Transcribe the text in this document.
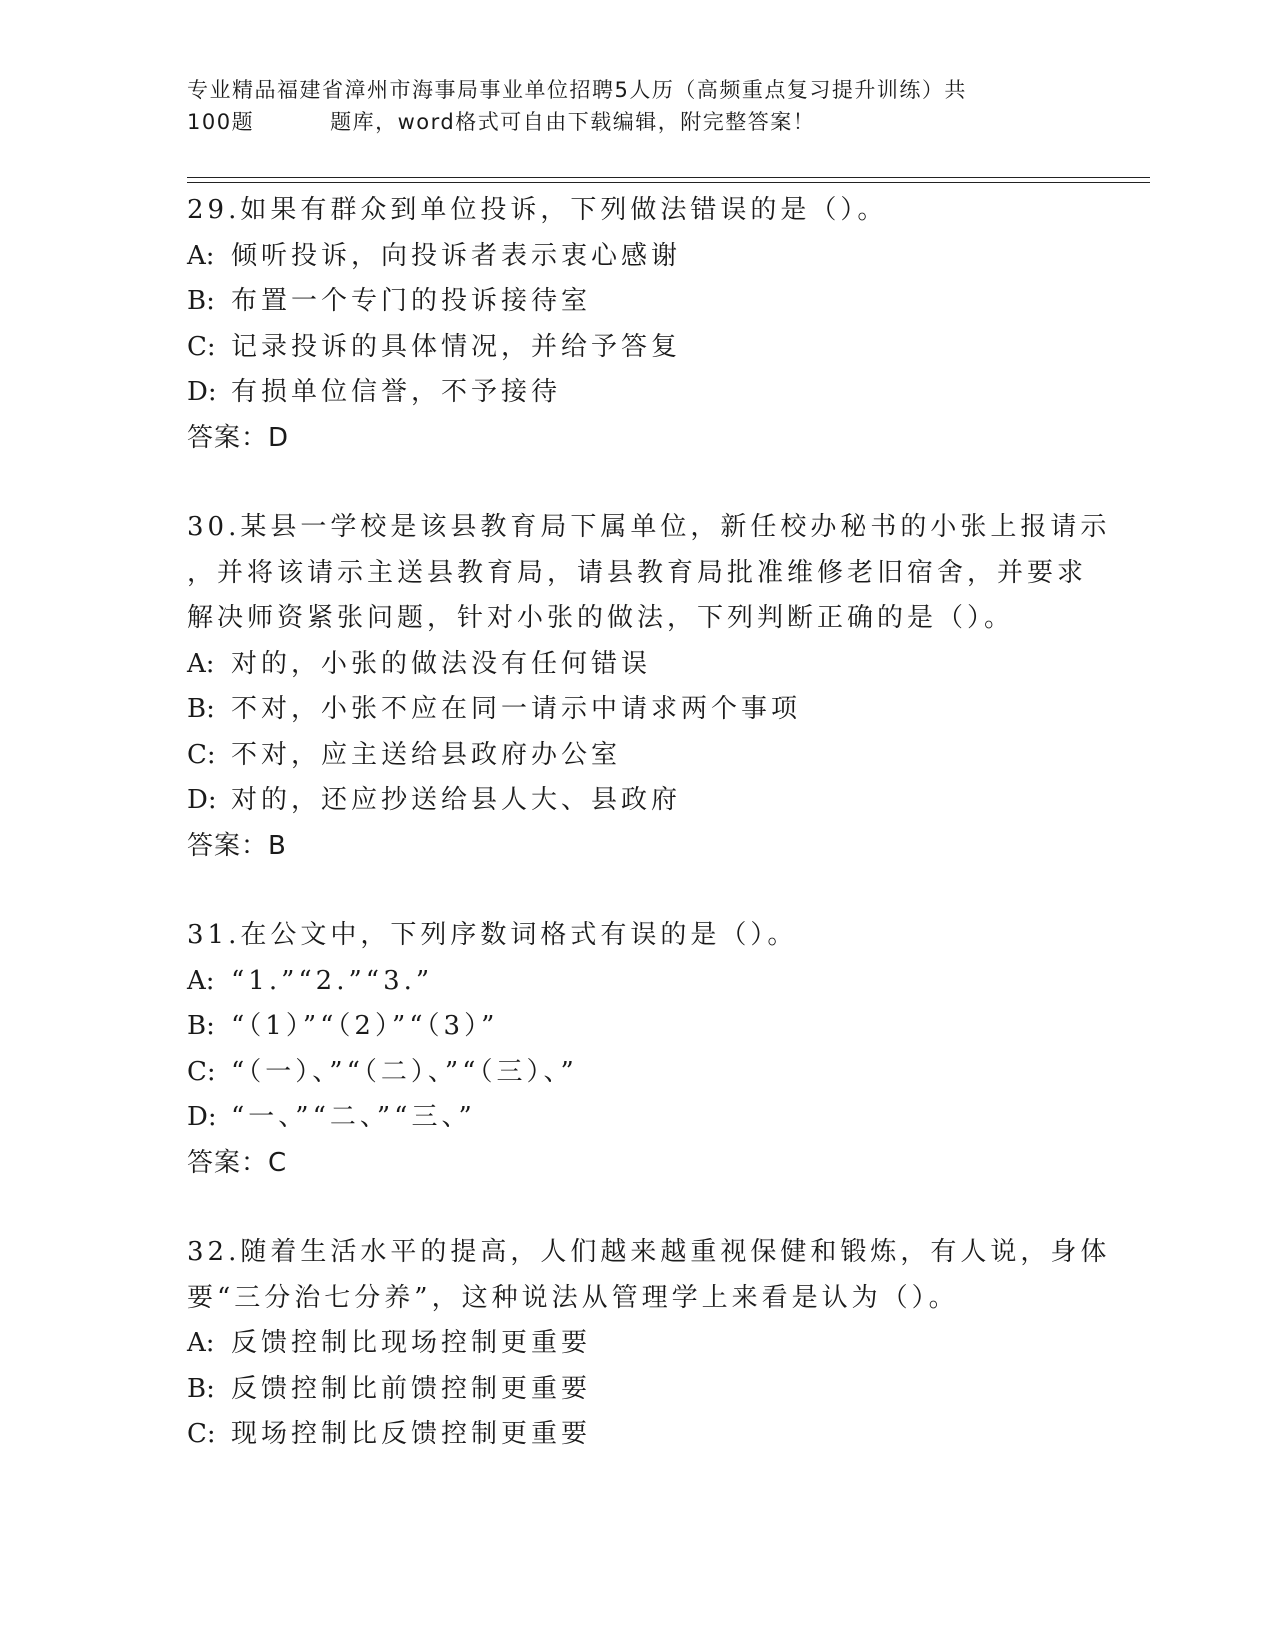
专业精品福建省漳州市海事局事业单位招聘5人历（高频重点复习提升训练）共
100题	题库，word格式可自由下载编辑，附完整答案！
29.如果有群众到单位投诉，下列做法错误的是（）。
A: 倾听投诉，向投诉者表示衷心感谢
B: 布置一个专门的投诉接待室
C: 记录投诉的具体情况，并给予答复
D: 有损单位信誉，不予接待
答案：D
30.某县一学校是该县教育局下属单位，新任校办秘书的小张上报请示
，并将该请示主送县教育局，请县教育局批准维修老旧宿舍，并要求
解决师资紧张问题，针对小张的做法，下列判断正确的是（）。
A: 对的，小张的做法没有任何错误
B: 不对，小张不应在同一请示中请求两个事项
C: 不对，应主送给县政府办公室
D: 对的，还应抄送给县人大、县政府
答案：B
31.在公文中，下列序数词格式有误的是（）。
A: “1.”“2.”“3.”
B: “（1）”“（2）”“（3）”
C: “（一）、”“（二）、”“（三）、”
D: “一、”“二、”“三、”
答案：C
32.随着生活水平的提高，人们越来越重视保健和锻炼，有人说，身体
要“三分治七分养”，这种说法从管理学上来看是认为（）。
A: 反馈控制比现场控制更重要
B: 反馈控制比前馈控制更重要
C: 现场控制比反馈控制更重要
